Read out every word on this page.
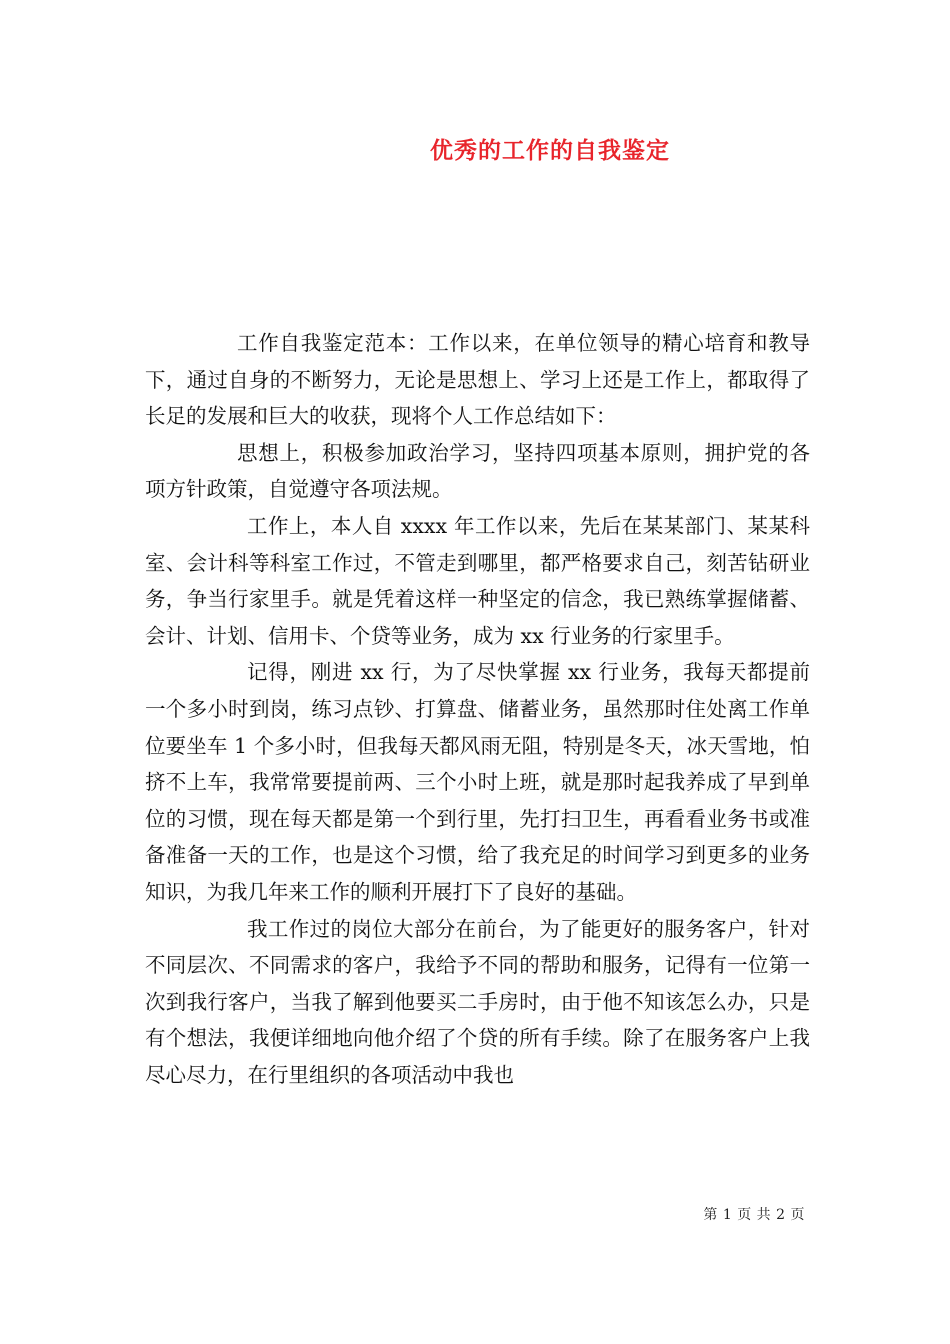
优秀的工作的自我鉴定

工作自我鉴定范本：工作以来，在单位领导的精心培育和教导下，通过自身的不断努力，无论是思想上、学习上还是工作上，都取得了长足的发展和巨大的收获，现将个人工作总结如下：

思想上，积极参加政治学习，坚持四项基本原则，拥护党的各项方针政策，自觉遵守各项法规。

工作上，本人自 xxxx 年工作以来，先后在某某部门、某某科室、会计科等科室工作过，不管走到哪里，都严格要求自己，刻苦钻研业务，争当行家里手。就是凭着这样一种坚定的信念，我已熟练掌握储蓄、会计、计划、信用卡、个贷等业务，成为 xx 行业务的行家里手。

记得，刚进 xx 行，为了尽快掌握 xx 行业务，我每天都提前一个多小时到岗，练习点钞、打算盘、储蓄业务，虽然那时住处离工作单位要坐车 1 个多小时，但我每天都风雨无阻，特别是冬天，冰天雪地，怕挤不上车，我常常要提前两、三个小时上班，就是那时起我养成了早到单位的习惯，现在每天都是第一个到行里，先打扫卫生，再看看业务书或准备准备一天的工作，也是这个习惯，给了我充足的时间学习到更多的业务知识，为我几年来工作的顺利开展打下了良好的基础。

我工作过的岗位大部分在前台，为了能更好的服务客户，针对不同层次、不同需求的客户，我给予不同的帮助和服务，记得有一位第一次到我行客户，当我了解到他要买二手房时，由于他不知该怎么办，只是有个想法，我便详细地向他介绍了个贷的所有手续。除了在服务客户上我尽心尽力，在行里组织的各项活动中我也

第 1 页 共 2 页
